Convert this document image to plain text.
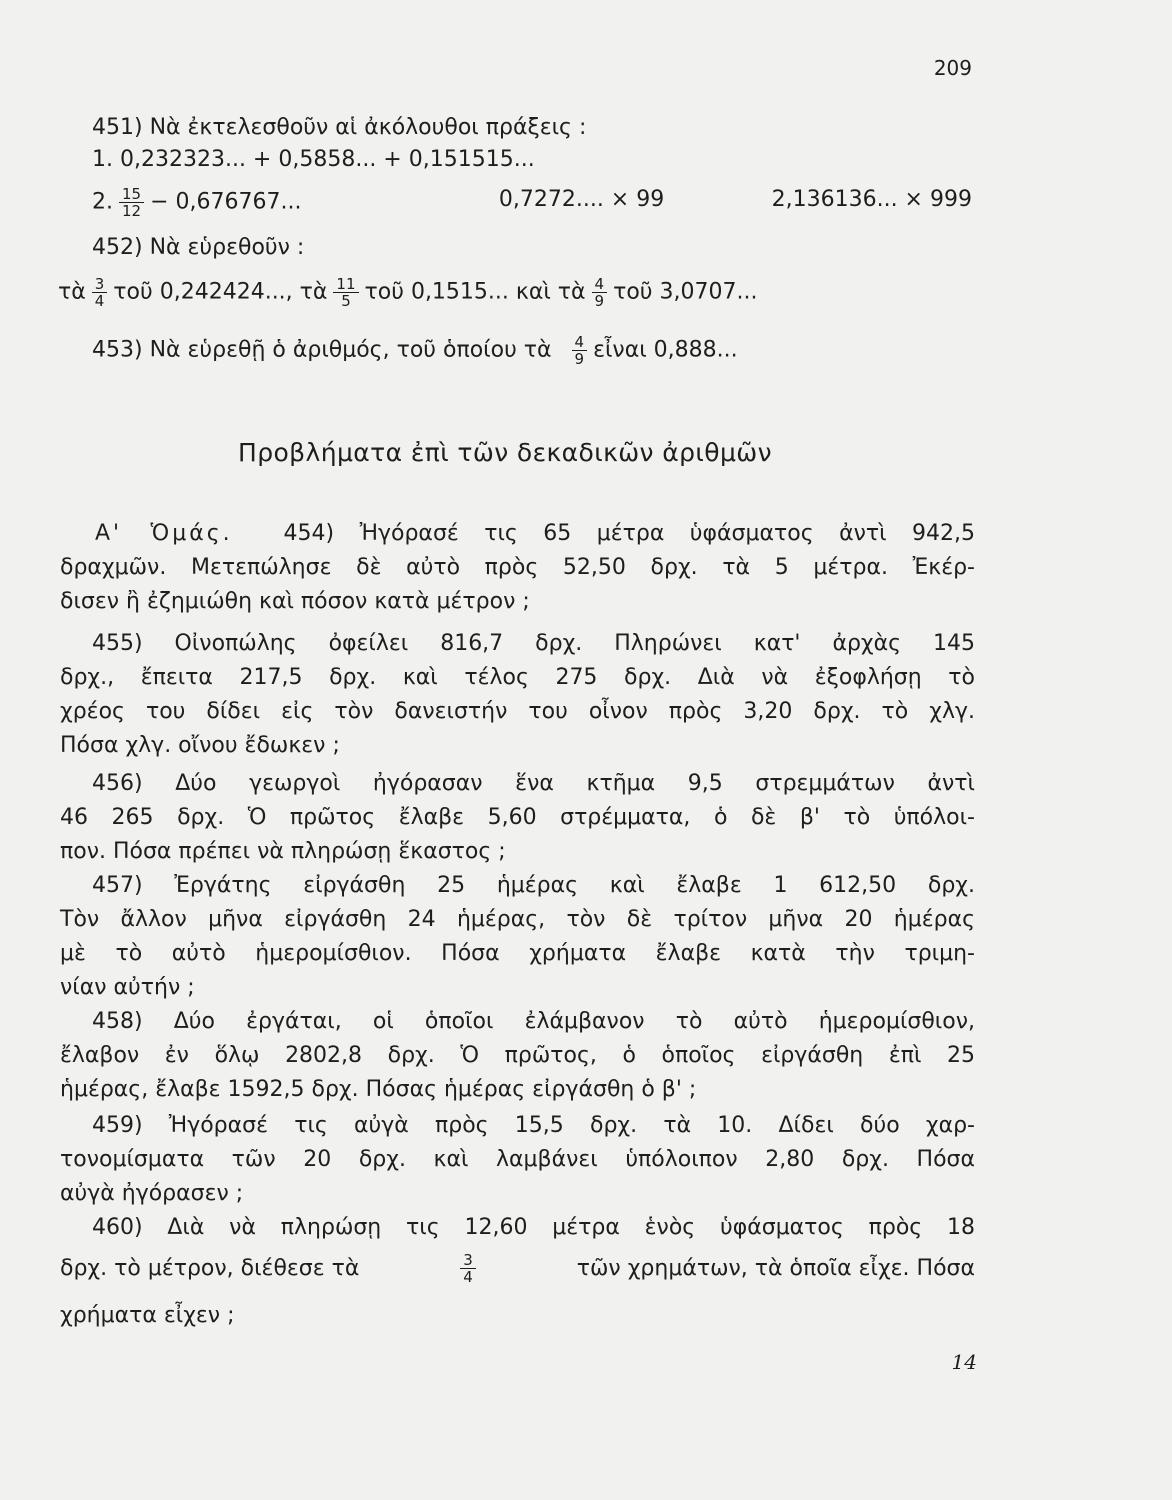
209
451) Νὰ ἐκτελεσθοῦν αἱ ἀκόλουθοι πράξεις :
1. 0,232323... + 0,5858... + 0,151515...
2. $\frac{15}{12} - 0,676767$...	0,7272.... × 99	2,136136... × 999
452) Νὰ εὑρεθοῦν :
τὰ $\frac{3}{4}$ τοῦ 0,242424..., τὰ $\frac{11}{5}$ τοῦ 0,1515... καὶ τὰ $\frac{4}{9}$ τοῦ 3,0707...
453) Νὰ εὑρεθῇ ὁ ἀριθμός, τοῦ ὁποίου τὰ $\frac{4}{9}$ εἶναι 0,888...
Προβλήματα ἐπὶ τῶν δεκαδικῶν ἀριθμῶν
Α' Ὁμάς. 454) Ἠγόρασέ τις 65 μέτρα ὑφάσματος ἀντὶ 942,5
δραχμῶν. Μετεπώλησε δὲ αὐτὸ πρὸς 52,50 δρχ. τὰ 5 μέτρα. Ἐκέρ-
δισεν ἢ ἐζημιώθη καὶ πόσον κατὰ μέτρον ;
455) Οἰνοπώλης ὀφείλει 816,7 δρχ. Πληρώνει κατ' ἀρχὰς 145
δρχ., ἔπειτα 217,5 δρχ. καὶ τέλος 275 δρχ. Διὰ νὰ ἐξοφλήσῃ τὸ
χρέος του δίδει εἰς τὸν δανειστήν του οἶνον πρὸς 3,20 δρχ. τὸ χλγ.
Πόσα χλγ. οἴνου ἔδωκεν ;
456) Δύο γεωργοὶ ἠγόρασαν ἕνα κτῆμα 9,5 στρεμμάτων ἀντὶ
46 265 δρχ. Ὁ πρῶτος ἔλαβε 5,60 στρέμματα, ὁ δὲ β' τὸ ὑπόλοι-
πον. Πόσα πρέπει νὰ πληρώσῃ ἕκαστος ;
457) Ἐργάτης εἰργάσθη 25 ἡμέρας καὶ ἔλαβε 1 612,50 δρχ.
Τὸν ἄλλον μῆνα εἰργάσθη 24 ἡμέρας, τὸν δὲ τρίτον μῆνα 20 ἡμέρας
μὲ τὸ αὐτὸ ἡμερομίσθιον. Πόσα χρήματα ἔλαβε κατὰ τὴν τριμη-
νίαν αὐτήν ;
458) Δύο ἐργάται, οἱ ὁποῖοι ἐλάμβανον τὸ αὐτὸ ἡμερομίσθιον,
ἔλαβον ἐν ὅλῳ 2802,8 δρχ. Ὁ πρῶτος, ὁ ὁποῖος εἰργάσθη ἐπὶ 25
ἡμέρας, ἔλαβε 1592,5 δρχ. Πόσας ἡμέρας εἰργάσθη ὁ β' ;
459) Ἠγόρασέ τις αὐγὰ πρὸς 15,5 δρχ. τὰ 10. Δίδει δύο χαρ-
τονομίσματα τῶν 20 δρχ. καὶ λαμβάνει ὑπόλοιπον 2,80 δρχ. Πόσα
αὐγὰ ἠγόρασεν ;
460) Διὰ νὰ πληρώσῃ τις 12,60 μέτρα ἑνὸς ὑφάσματος πρὸς 18
δρχ. τὸ μέτρον, διέθεσε τὰ	$\frac{3}{4}$	τῶν χρημάτων, τὰ ὁποῖα εἶχε. Πόσα
χρήματα εἶχεν ;
14
